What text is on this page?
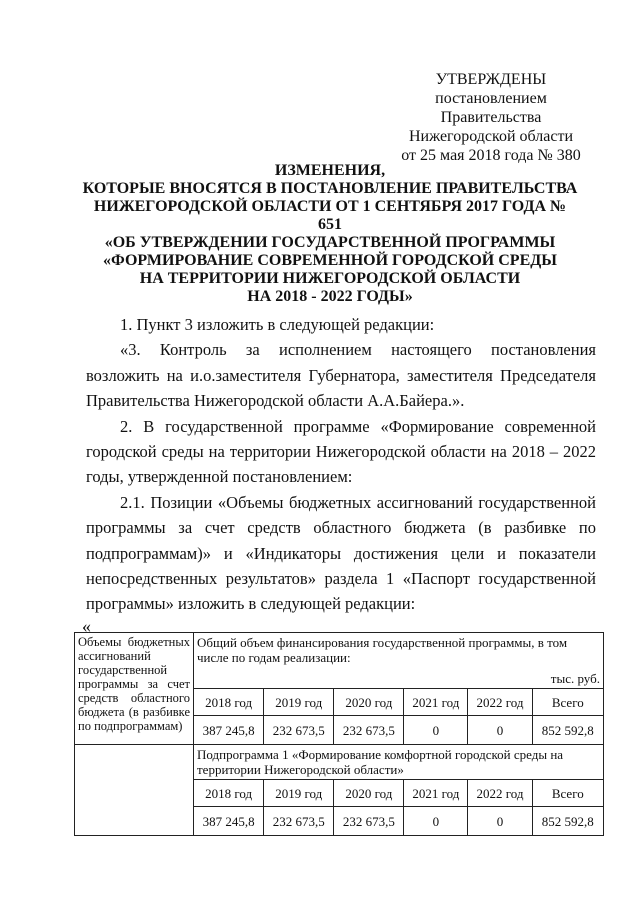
УТВЕРЖДЕНЫ
постановлением Правительства
Нижегородской области
от 25 мая 2018 года № 380
ИЗМЕНЕНИЯ,
КОТОРЫЕ ВНОСЯТСЯ В ПОСТАНОВЛЕНИЕ ПРАВИТЕЛЬСТВА
НИЖЕГОРОДСКОЙ ОБЛАСТИ ОТ 1 СЕНТЯБРЯ 2017 ГОДА № 651
«ОБ УТВЕРЖДЕНИИ ГОСУДАРСТВЕННОЙ ПРОГРАММЫ
«ФОРМИРОВАНИЕ СОВРЕМЕННОЙ ГОРОДСКОЙ СРЕДЫ
НА ТЕРРИТОРИИ НИЖЕГОРОДСКОЙ ОБЛАСТИ
НА 2018 - 2022 ГОДЫ»

1. Пункт 3 изложить в следующей редакции:

«3. Контроль за исполнением настоящего постановления возложить на и.о.заместителя Губернатора, заместителя Председателя Правительства Нижегородской области А.А.Байера.».

2. В государственной программе «Формирование современной городской среды на территории Нижегородской области на 2018 – 2022 годы, утвержденной постановлением:

2.1. Позиции «Объемы бюджетных ассигнований государственной программы за счет средств областного бюджета (в разбивке по подпрограммам)» и «Индикаторы достижения цели и показатели непосредственных результатов» раздела 1 «Паспорт государственной программы» изложить в следующей редакции:

«
Объемы бюджетных ассигнований государственной программы за счет средств областного бюджета (в разбивке по подпрограммам)	Общий объем финансирования государственной программы, в том числе по годам реализации:
тыс. руб.					

	2018 год	2019 год	2020 год	2021 год	2022 год	Всего
	387 245,8	232 673,5	232 673,5	0	0	852 592,8
	Подпрограмма 1 «Формирование комфортной городской среды на территории Нижегородской области»					
	2018 год	2019 год	2020 год	2021 год	2022 год	Всего
	387 245,8	232 673,5	232 673,5	0	0	852 592,8
